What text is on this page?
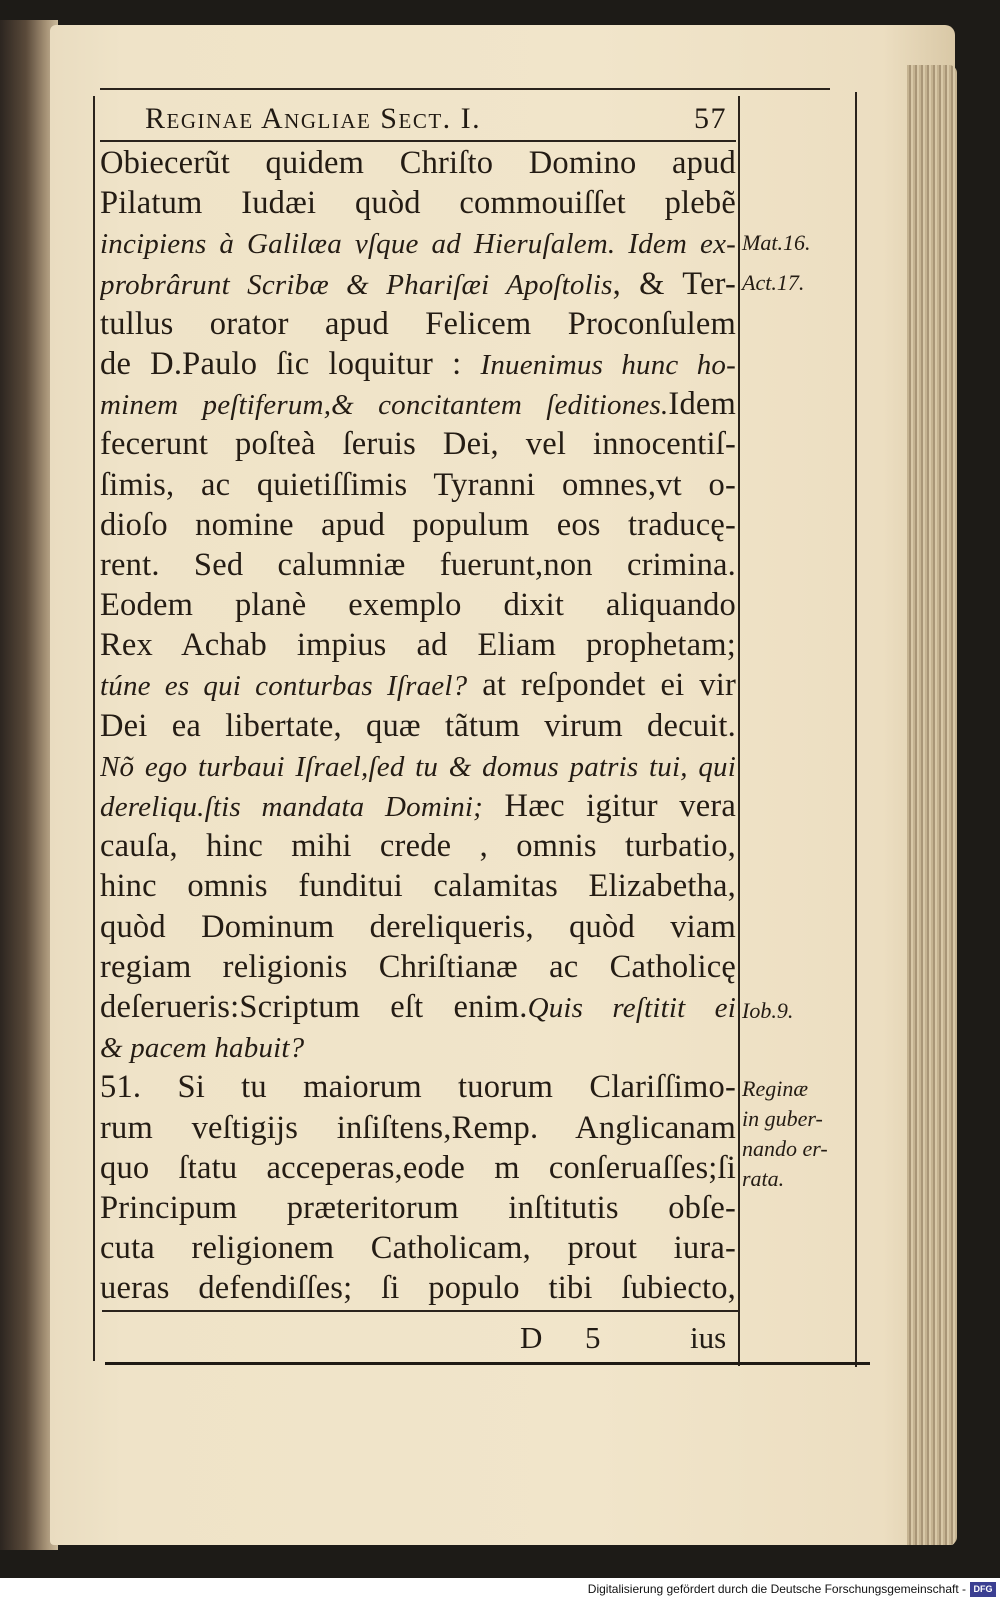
Reginae Angliae Sect. I.	57
Obiecerũt quidem Chriſto Domino apud
Pilatum Iudæi quòd commouiſſet plebẽ
incipiens à Galilæa vſque ad Hieruſalem. Idem ex-
probrârunt Scribæ & Phariſæi Apoſtolis, & Ter-
tullus orator apud Felicem Proconſulem
de D.Paulo ſic loquitur : Inuenimus hunc ho-
minem peſtiferum,& concitantem ſeditiones.Idem
fecerunt poſteà ſeruis Dei, vel innocentiſ-
ſimis, ac quietiſſimis Tyranni omnes,vt o-
dioſo nomine apud populum eos traducę-
rent. Sed calumniæ fuerunt,non crimina.
Eodem planè exemplo dixit aliquando
Rex Achab impius ad Eliam prophetam;
túne es qui conturbas Iſrael? at reſpondet ei vir
Dei ea libertate, quæ tãtum virum decuit.
Nõ ego turbaui Iſrael,ſed tu & domus patris tui, qui
dereliqu.ſtis mandata Domini; Hæc igitur vera
cauſa, hinc mihi crede , omnis turbatio,
hinc omnis funditui calamitas Elizabetha,
quòd Dominum dereliqueris, quòd viam
regiam religionis Chriſtianæ ac Catholicę
deſerueris:Scriptum eſt enim.Quis reſtitit ei
& pacem habuit?
51. Si tu maiorum tuorum Clariſſimo-
rum veſtigijs inſiſtens,Remp. Anglicanam
quo ſtatu acceperas,eode m conſeruaſſes;ſi
Principum præteritorum inſtitutis obſe-
cuta religionem Catholicam, prout iura-
ueras defendiſſes; ſi populo tibi ſubiecto,
Mat.16.
Act.17.
Iob.9.
Reginæ
in guber-
nando er-
rata.
D 5	ius
Digitalisierung gefördert durch die Deutsche Forschungsgemeinschaft - DFG
